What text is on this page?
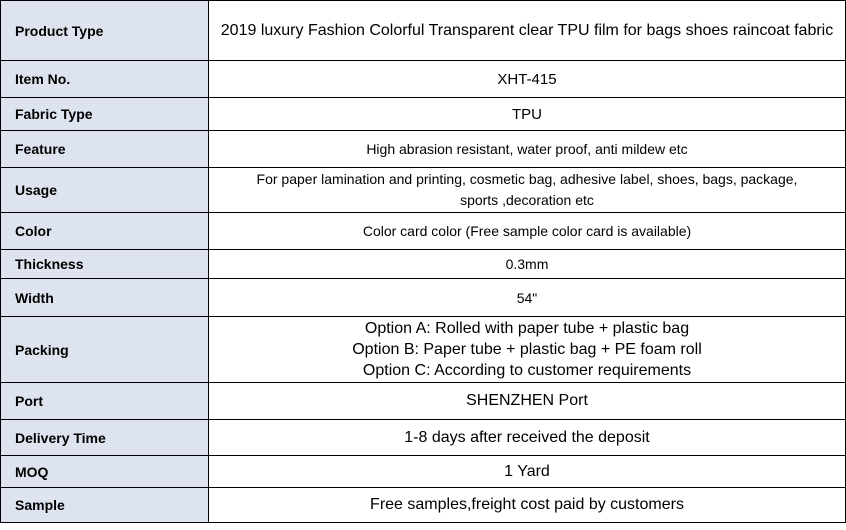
Product Type	2019 luxury Fashion Colorful Transparent clear TPU film for bags shoes raincoat fabric
Item No.	XHT-415
Fabric Type	TPU
Feature	High abrasion resistant, water proof, anti mildew etc
Usage	For paper lamination and printing, cosmetic bag, adhesive label, shoes, bags, package,
sports ,decoration etc

Color	Color card color (Free sample color card is available)
Thickness	0.3mm
Width	54"
Packing	Option A: Rolled with paper tube + plastic bag
Option B: Paper tube + plastic bag + PE foam roll
Option C: According to customer requirements

Port	SHENZHEN Port
Delivery Time	1-8 days after received the deposit
MOQ	1 Yard
Sample	Free samples,freight cost paid by customers
